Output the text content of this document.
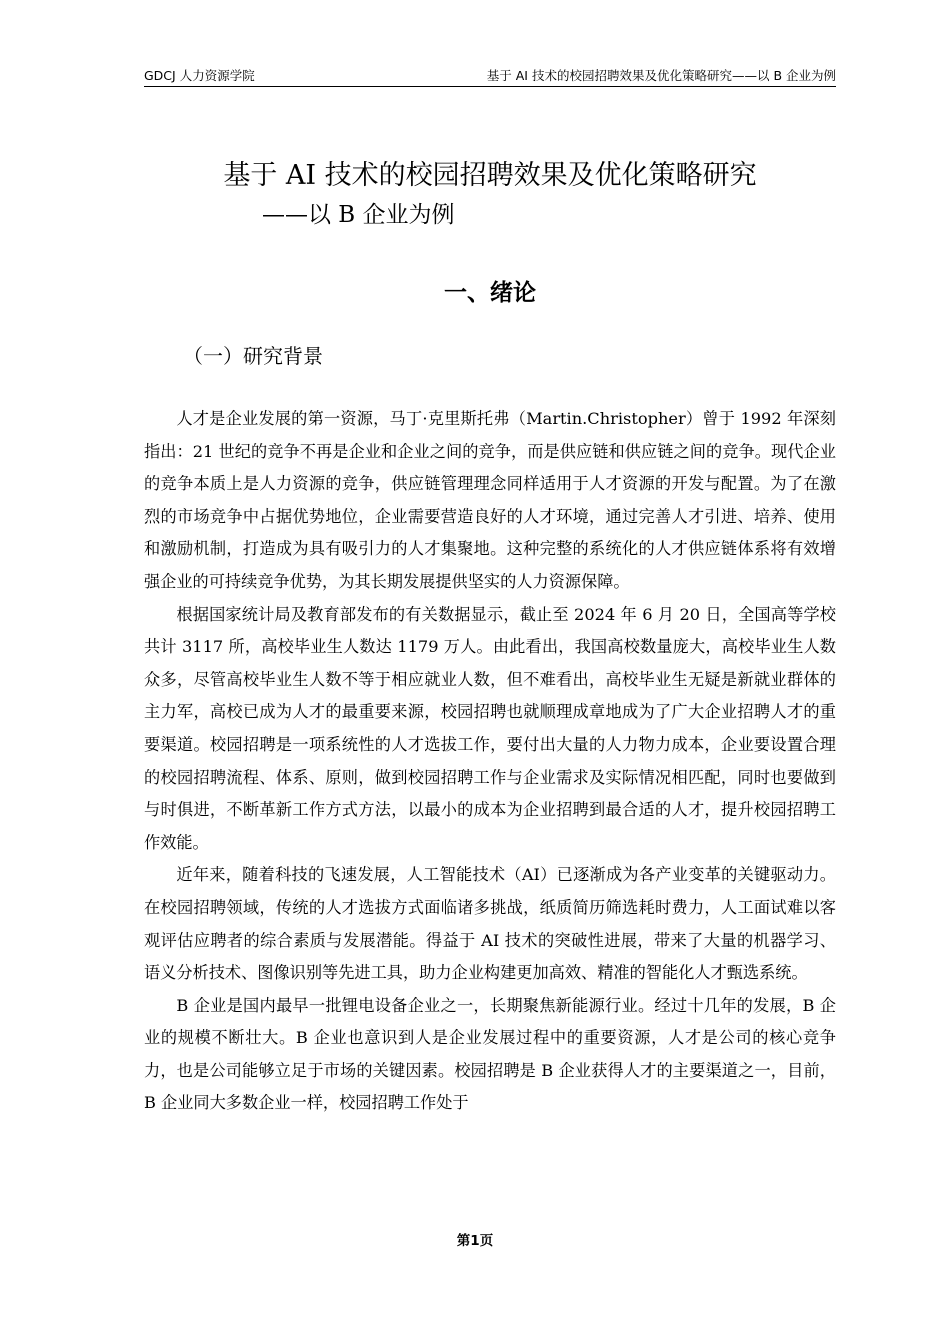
GDCJ 人力资源学院	基于 AI 技术的校园招聘效果及优化策略研究——以 B 企业为例
基于 AI 技术的校园招聘效果及优化策略研究
——以 B 企业为例
一、绪论
（一）研究背景

人才是企业发展的第一资源，马丁·克里斯托弗（Martin.Christopher）曾于 1992 年深刻指出：21 世纪的竞争不再是企业和企业之间的竞争，而是供应链和供应链之间的竞争。现代企业的竞争本质上是人力资源的竞争，供应链管理理念同样适用于人才资源的开发与配置。为了在激烈的市场竞争中占据优势地位，企业需要营造良好的人才环境，通过完善人才引进、培养、使用和激励机制，打造成为具有吸引力的人才集聚地。这种完整的系统化的人才供应链体系将有效增强企业的可持续竞争优势，为其长期发展提供坚实的人力资源保障。

根据国家统计局及教育部发布的有关数据显示，截止至 2024 年 6 月 20 日，全国高等学校共计 3117 所，高校毕业生人数达 1179 万人。由此看出，我国高校数量庞大，高校毕业生人数众多，尽管高校毕业生人数不等于相应就业人数，但不难看出，高校毕业生无疑是新就业群体的主力军，高校已成为人才的最重要来源，校园招聘也就顺理成章地成为了广大企业招聘人才的重要渠道。校园招聘是一项系统性的人才选拔工作，要付出大量的人力物力成本，企业要设置合理的校园招聘流程、体系、原则，做到校园招聘工作与企业需求及实际情况相匹配，同时也要做到与时俱进，不断革新工作方式方法，以最小的成本为企业招聘到最合适的人才，提升校园招聘工作效能。

近年来，随着科技的飞速发展，人工智能技术（AI）已逐渐成为各产业变革的关键驱动力。在校园招聘领域，传统的人才选拔方式面临诸多挑战，纸质简历筛选耗时费力，人工面试难以客观评估应聘者的综合素质与发展潜能。得益于 AI 技术的突破性进展，带来了大量的机器学习、语义分析技术、图像识别等先进工具，助力企业构建更加高效、精准的智能化人才甄选系统。

B 企业是国内最早一批锂电设备企业之一，长期聚焦新能源行业。经过十几年的发展，B 企业的规模不断壮大。B 企业也意识到人是企业发展过程中的重要资源，人才是公司的核心竞争力，也是公司能够立足于市场的关键因素。校园招聘是 B 企业获得人才的主要渠道之一，目前，B 企业同大多数企业一样，校园招聘工作处于

第1页
